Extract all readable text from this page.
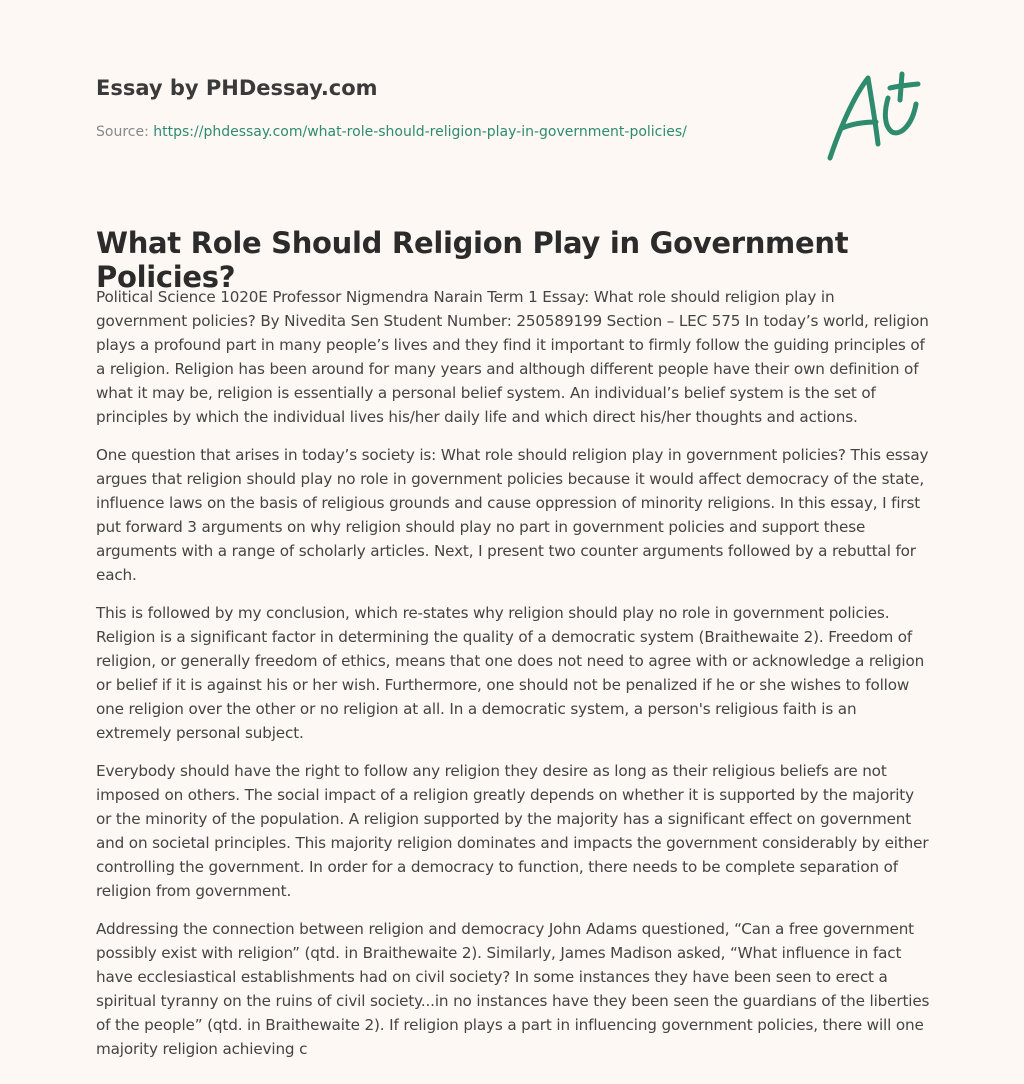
Essay by PHDessay.com
Source: https://phdessay.com/what-role-should-religion-play-in-government-policies/
What Role Should Religion Play in Government Policies?

Political Science 1020E Professor Nigmendra Narain Term 1 Essay: What role should religion play in government policies? By Nivedita Sen Student Number: 250589199 Section – LEC 575 In today’s world, religion plays a profound part in many people’s lives and they find it important to firmly follow the guiding principles of a religion. Religion has been around for many years and although different people have their own definition of what it may be, religion is essentially a personal belief system. An individual’s belief system is the set of principles by which the individual lives his/her daily life and which direct his/her thoughts and actions.

One question that arises in today’s society is: What role should religion play in government policies? This essay argues that religion should play no role in government policies because it would affect democracy of the state, influence laws on the basis of religious grounds and cause oppression of minority religions. In this essay, I first put forward 3 arguments on why religion should play no part in government policies and support these arguments with a range of scholarly articles. Next, I present two counter arguments followed by a rebuttal for each.

This is followed by my conclusion, which re-states why religion should play no role in government policies. Religion is a significant factor in determining the quality of a democratic system (Braithewaite 2). Freedom of religion, or generally freedom of ethics, means that one does not need to agree with or acknowledge a religion or belief if it is against his or her wish. Furthermore, one should not be penalized if he or she wishes to follow one religion over the other or no religion at all. In a democratic system, a person's religious faith is an extremely personal subject.

Everybody should have the right to follow any religion they desire as long as their religious beliefs are not imposed on others. The social impact of a religion greatly depends on whether it is supported by the majority or the minority of the population. A religion supported by the majority has a significant effect on government and on societal principles. This majority religion dominates and impacts the government considerably by either controlling the government. In order for a democracy to function, there needs to be complete separation of religion from government.

Addressing the connection between religion and democracy John Adams questioned, “Can a free government possibly exist with religion” (qtd. in Braithewaite 2). Similarly, James Madison asked, “What influence in fact have ecclesiastical establishments had on civil society? In some instances they have been seen to erect a spiritual tyranny on the ruins of civil society...in no instances have they been seen the guardians of the liberties of the people” (qtd. in Braithewaite 2). If religion plays a part in influencing government policies, there will one majority religion achieving c
